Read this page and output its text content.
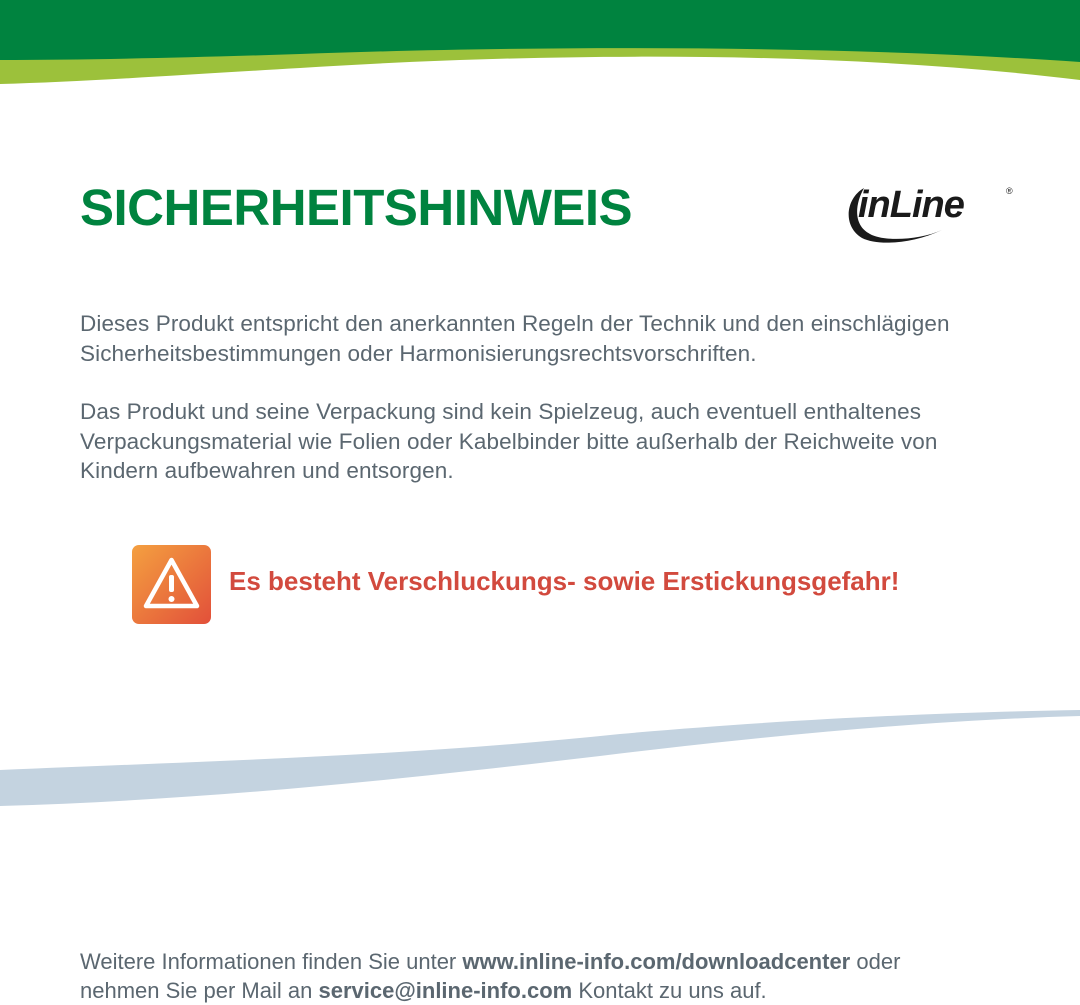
SICHERHEITSHINWEIS	inLine	®

Dieses Produkt entspricht den anerkannten Regeln der Technik und den einschlägigen Sicherheitsbestimmungen oder Harmonisierungsrechtsvorschriften.

Das Produkt und seine Verpackung sind kein Spielzeug, auch eventuell enthaltenes Verpackungsmaterial wie Folien oder Kabelbinder bitte außerhalb der Reichweite von Kindern aufbewahren und entsorgen.

Es besteht Verschluckungs- sowie Erstickungsgefahr!

Weitere Informationen finden Sie unter www.inline-info.com/downloadcenter oder
nehmen Sie per Mail an service@inline-info.com Kontakt zu uns auf.
